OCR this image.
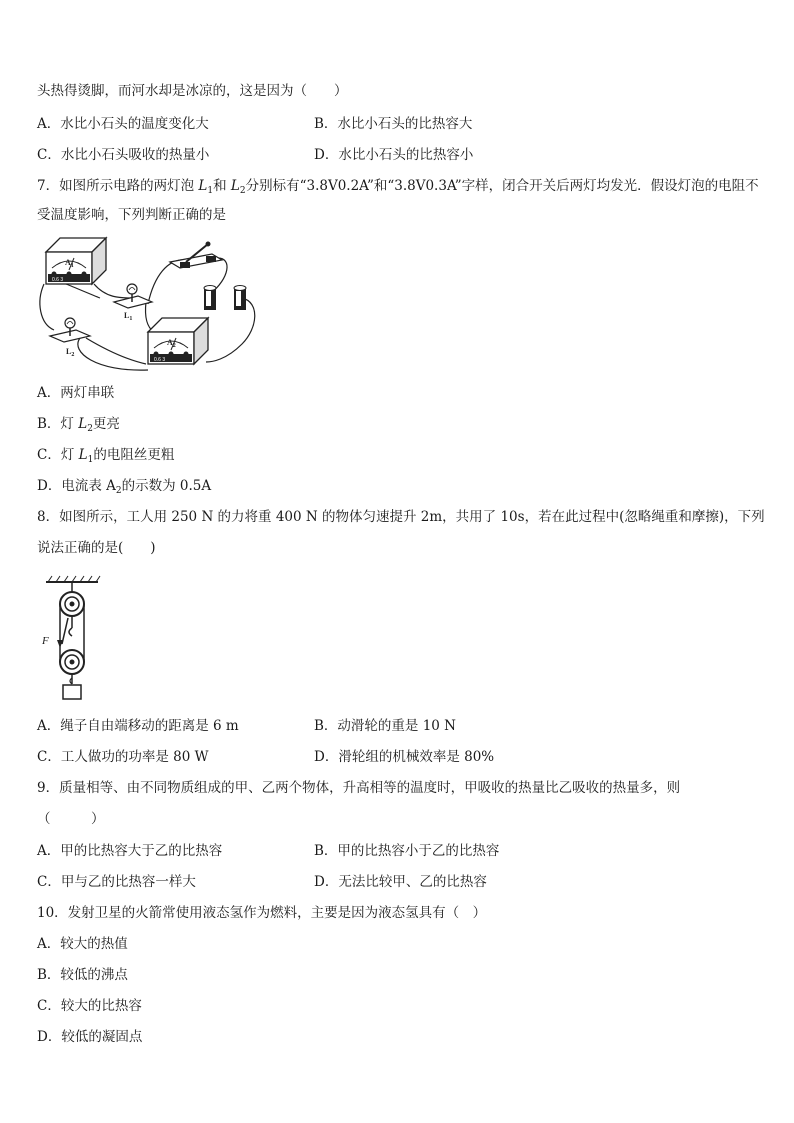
头热得烫脚，而河水却是冰凉的，这是因为（　　）
A．水比小石头的温度变化大	B．水比小石头的比热容大
C．水比小石头吸收的热量小	D．水比小石头的比热容小
7．如图所示电路的两灯泡 $L_1$和 $L_2$分别标有“3.8V0.2A”和“3.8V0.3A”字样，闭合开关后两灯均发光．假设灯泡的电阻不
受温度影响，下列判断正确的是
$A_1$
0.6 3
$L_1$
$L_2$
$A_2$
0.6 3
A．两灯串联
B．灯 $L_2$更亮
C．灯 $L_1$的电阻丝更粗
D．电流表 $A_2$的示数为 0.5A
8．如图所示，工人用 250 N 的力将重 400 N 的物体匀速提升 2m，共用了 10s，若在此过程中(忽略绳重和摩擦)，下列
说法正确的是(　　)
F
A．绳子自由端移动的距离是 6 m	B．动滑轮的重是 10 N
C．工人做功的功率是 80 W	D．滑轮组的机械效率是 80%
9．质量相等、由不同物质组成的甲、乙两个物体，升高相等的温度时，甲吸收的热量比乙吸收的热量多，则
（　　　）
A．甲的比热容大于乙的比热容	B．甲的比热容小于乙的比热容
C．甲与乙的比热容一样大	D．无法比较甲、乙的比热容
10．发射卫星的火箭常使用液态氢作为燃料，主要是因为液态氢具有（　）
A．较大的热值
B．较低的沸点
C．较大的比热容
D．较低的凝固点
